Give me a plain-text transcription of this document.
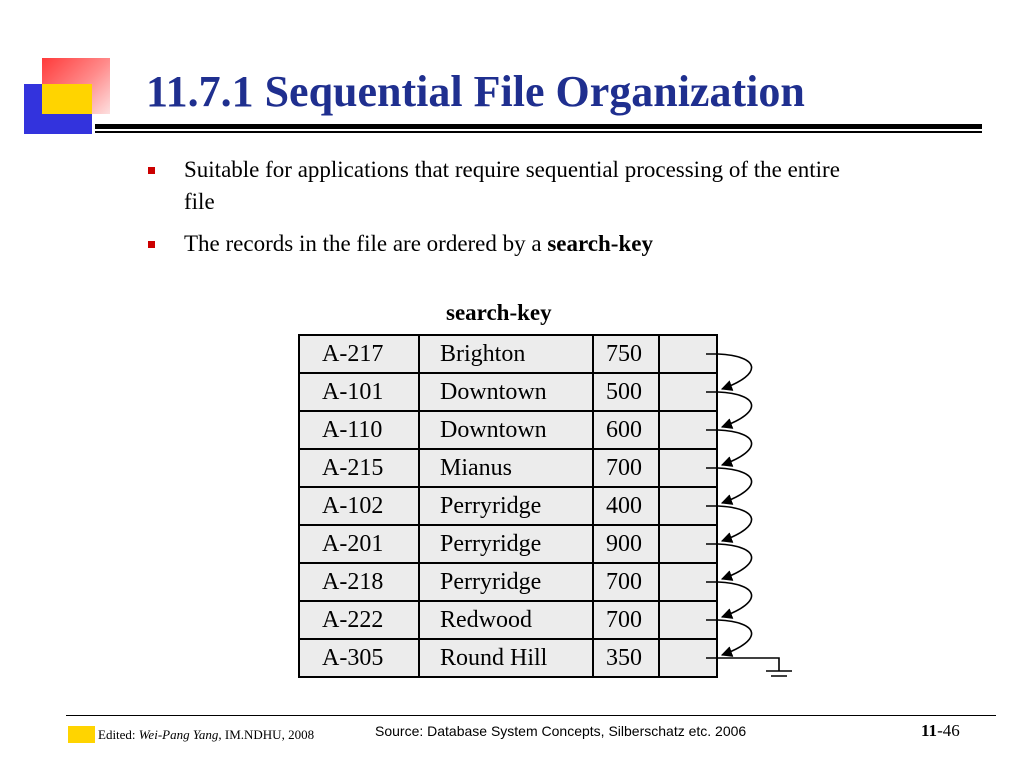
11.7.1 Sequential File Organization
Suitable for applications that require sequential processing of the entire file
The records in the file are ordered by a search-key
search-key
A-217	Brighton	750	
A-101	Downtown	500	
A-110	Downtown	600	
A-215	Mianus	700	
A-102	Perryridge	400	
A-201	Perryridge	900	
A-218	Perryridge	700	
A-222	Redwood	700	
A-305	Round Hill	350	
Edited: Wei-Pang Yang, IM.NDHU, 2008	Source: Database System Concepts, Silberschatz etc. 2006	11-46
